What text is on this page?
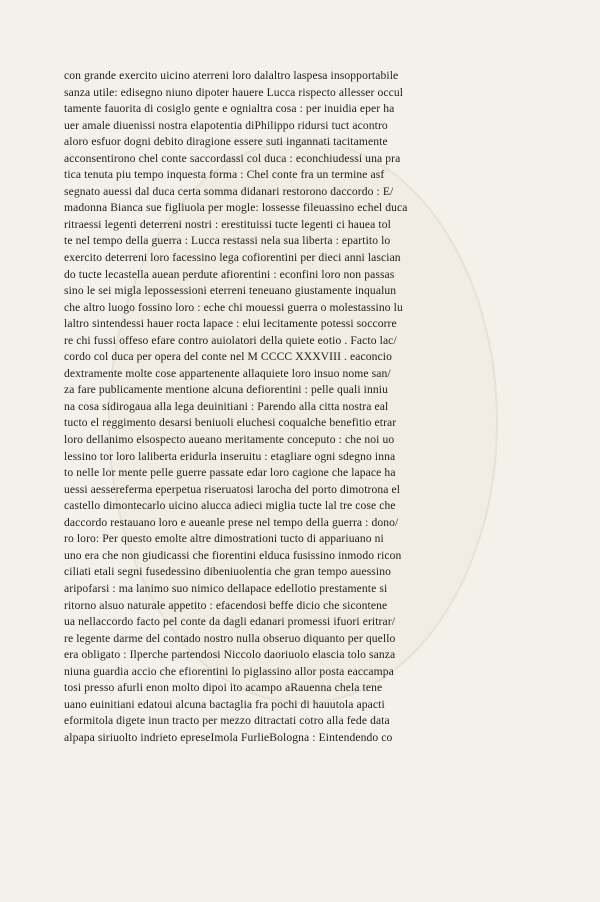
con grande exercito uicino aterreni loro dalaltro laspesa insopportabile
sanza utile: edisegno niuno dipoter hauere Lucca rispecto allesser occul
tamente fauorita di cosiglo gente e ognialtra cosa : per inuidia eper ha
uer amale diuenissi nostra elapotentia diPhilippo ridursi tuct acontro
aloro esfuor dogni debito diragione essere suti ingannati tacitamente
acconsentirono chel conte saccordassi col duca : econchiudessi una pra
tica tenuta piu tempo inquesta forma : Chel conte fra un termine asf
segnato auessi dal duca certa somma didanari restorono daccordo : E/
madonna Bianca sue figliuola per mogle: lossesse fileuassino echel duca
ritraessi legenti deterreni nostri : erestituissi tucte legenti ci hauea tol
te nel tempo della guerra : Lucca restassi nela sua liberta : epartito lo
exercito deterreni loro facessino lega cofiorentini per dieci anni lascian
do tucte lecastella auean perdute afiorentini : econfini loro non passas
sino le sei migla lepossessioni eterreni teneuano giustamente inqualun
che altro luogo fossino loro : eche chi mouessi guerra o molestassino lu
laltro sintendessi hauer rocta lapace : elui lecitamente potessi soccorre
re chi fussi offeso efare contro auiolatori della quiete eotio . Facto lac/
cordo col duca per opera del conte nel M CCCC XXXVIII . eaconcio
dextramente molte cose appartenente allaquiete loro insuo nome san/
za fare publicamente mentione alcuna defiorentini : pelle quali inniu
na cosa sidirogaua alla lega deuinitiani : Parendo alla citta nostra eal
tucto el reggimento desarsi beniuoli eluchesi coqualche benefitio etrar
loro dellanimo elsospecto aueano meritamente conceputo : che noi uo
lessino tor loro laliberta eridurla inseruitu : etagliare ogni sdegno inna
to nelle lor mente pelle guerre passate edar loro cagione che lapace ha
uessi aessereferma eperpetua riseruatosi larocha del porto dimotrona el
castello dimontecarlo uicino alucca adieci miglia tucte lal tre cose che
daccordo restauano loro e aueanle prese nel tempo della guerra : dono/
ro loro: Per questo emolte altre dimostrationi tucto di appariuano ni
uno era che non giudicassi che fiorentini elduca fusissino inmodo ricon
ciliati etali segni fusedessino dibeniuolentia che gran tempo auessino
aripofarsi : ma lanimo suo nimico dellapace edellotio prestamente si
ritorno alsuo naturale appetito : efacendosi beffe dicio che sicontene
ua nellaccordo facto pel conte da dagli edanari promessi ifuori eritrar/
re legente darme del contado nostro nulla obseruo diquanto per quello
era obligato : Ilperche partendosi Niccolo daoriuolo elascia tolo sanza
niuna guardia accio che efiorentini lo piglassino allor posta eaccampa
tosi presso afurli enon molto dipoi ito acampo aRauenna chela tene
uano euinitiani edatoui alcuna bactaglia fra pochi di hauutola apacti
eformitola digete inun tracto per mezzo ditractati cotro alla fede data
alpapa siriuolto indrieto epreseImola FurlieBologna : Eintendendo co
